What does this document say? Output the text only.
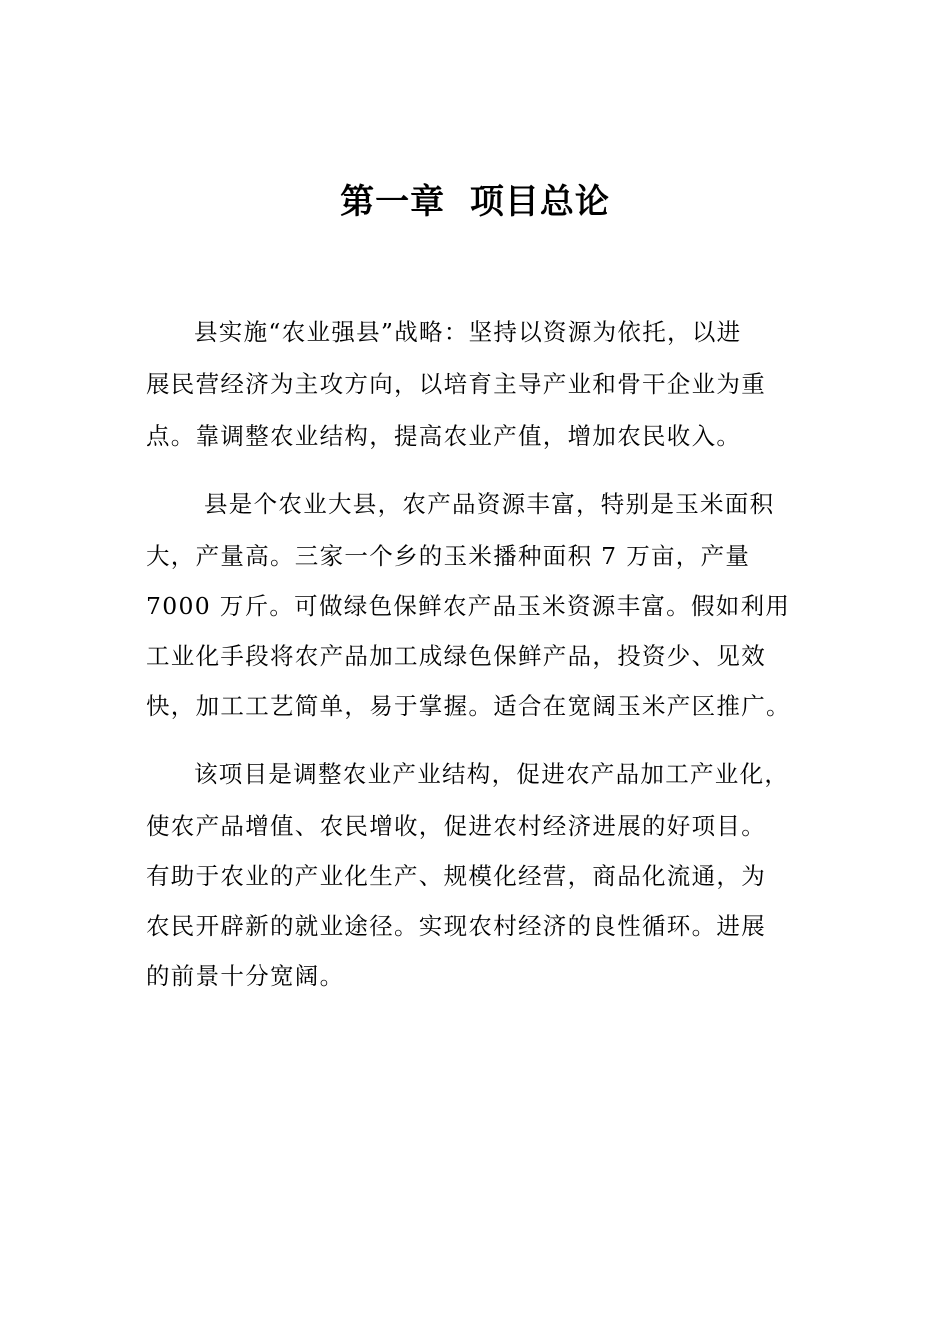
第一章 项目总论
县实施“农业强县”战略：坚持以资源为依托，以进
展民营经济为主攻方向，以培育主导产业和骨干企业为重
点。靠调整农业结构，提高农业产值，增加农民收入。
县是个农业大县，农产品资源丰富，特别是玉米面积
大，产量高。三家一个乡的玉米播种面积 7 万亩，产量
7000 万斤。可做绿色保鲜农产品玉米资源丰富。假如利用
工业化手段将农产品加工成绿色保鲜产品，投资少、见效
快，加工工艺简单，易于掌握。适合在宽阔玉米产区推广。
该项目是调整农业产业结构，促进农产品加工产业化，
使农产品增值、农民增收，促进农村经济进展的好项目。
有助于农业的产业化生产、规模化经营，商品化流通，为
农民开辟新的就业途径。实现农村经济的良性循环。进展
的前景十分宽阔。
